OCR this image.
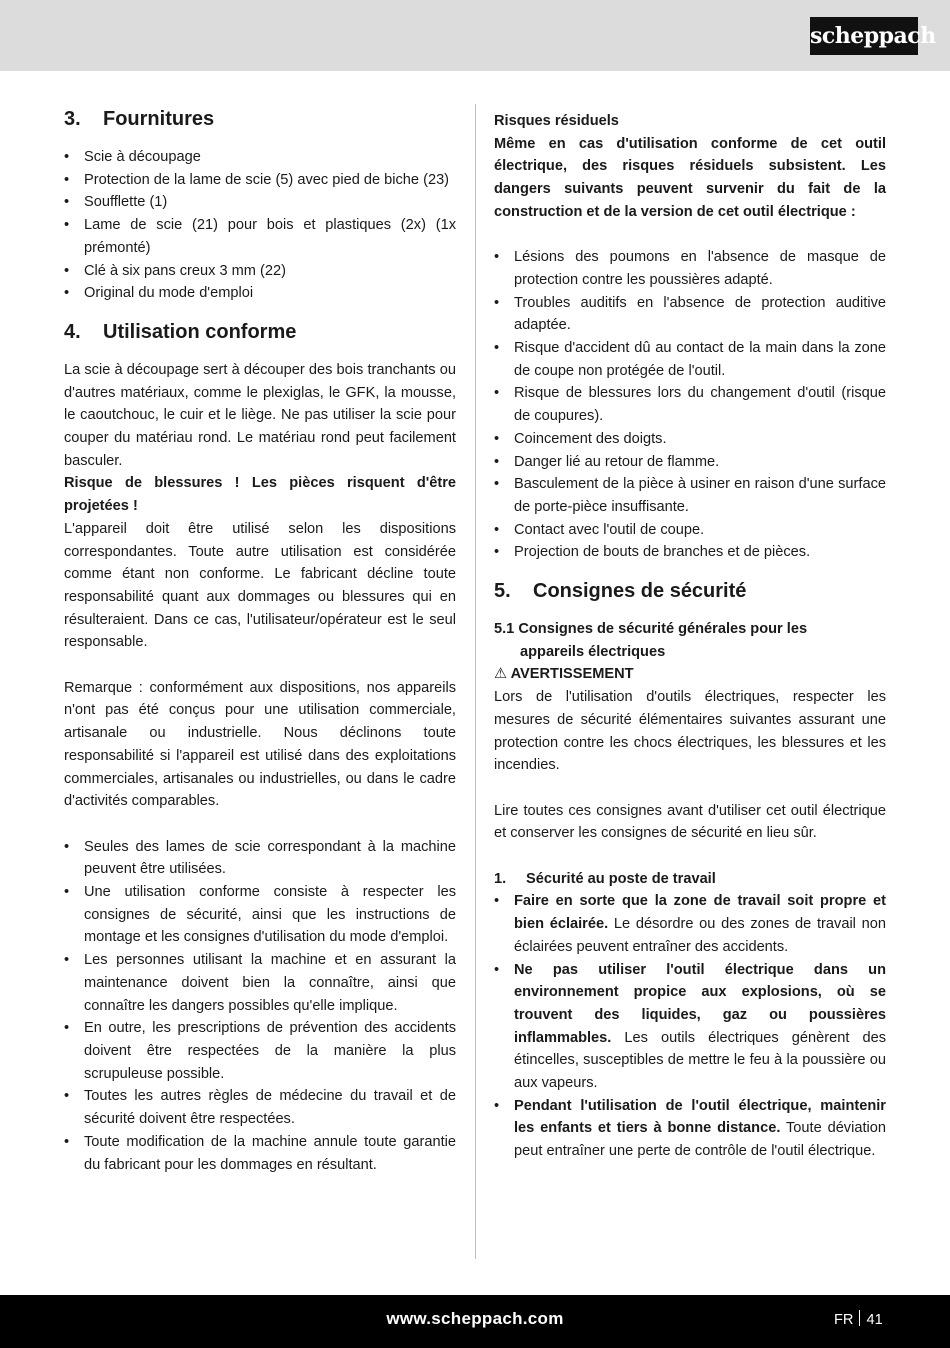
scheppach
3. Fournitures
• Scie à découpage
• Protection de la lame de scie (5) avec pied de biche (23)
• Soufflette (1)
• Lame de scie (21) pour bois et plastiques (2x) (1x prémonté)
• Clé à six pans creux 3 mm (22)
• Original du mode d'emploi
4. Utilisation conforme

La scie à découpage sert à découper des bois tranchants ou d'autres matériaux, comme le plexiglas, le GFK, la mousse, le caoutchouc, le cuir et le liège. Ne pas utiliser la scie pour couper du matériau rond. Le matériau rond peut facilement basculer.

Risque de blessures ! Les pièces risquent d'être projetées !

L'appareil doit être utilisé selon les dispositions correspondantes. Toute autre utilisation est considérée comme étant non conforme. Le fabricant décline toute responsabilité quant aux dommages ou blessures qui en résulteraient. Dans ce cas, l'utilisateur/opérateur est le seul responsable.

Remarque : conformément aux dispositions, nos appareils n'ont pas été conçus pour une utilisation commerciale, artisanale ou industrielle. Nous déclinons toute responsabilité si l'appareil est utilisé dans des exploitations commerciales, artisanales ou industrielles, ou dans le cadre d'activités comparables.

• Seules des lames de scie correspondant à la machine peuvent être utilisées.
• Une utilisation conforme consiste à respecter les consignes de sécurité, ainsi que les instructions de montage et les consignes d'utilisation du mode d'emploi.
• Les personnes utilisant la machine et en assurant la maintenance doivent bien la connaître, ainsi que connaître les dangers possibles qu'elle implique.
• En outre, les prescriptions de prévention des accidents doivent être respectées de la manière la plus scrupuleuse possible.
• Toutes les autres règles de médecine du travail et de sécurité doivent être respectées.
• Toute modification de la machine annule toute garantie du fabricant pour les dommages en résultant.

Risques résiduels

Même en cas d'utilisation conforme de cet outil électrique, des risques résiduels subsistent. Les dangers suivants peuvent survenir du fait de la construction et de la version de cet outil électrique :

• Lésions des poumons en l'absence de masque de protection contre les poussières adapté.
• Troubles auditifs en l'absence de protection auditive adaptée.
• Risque d'accident dû au contact de la main dans la zone de coupe non protégée de l'outil.
• Risque de blessures lors du changement d'outil (risque de coupures).
• Coincement des doigts.
• Danger lié au retour de flamme.
• Basculement de la pièce à usiner en raison d'une surface de porte-pièce insuffisante.
• Contact avec l'outil de coupe.
• Projection de bouts de branches et de pièces.
5. Consignes de sécurité

5.1 Consignes de sécurité générales pour les

appareils électriques

⚠ AVERTISSEMENT

Lors de l'utilisation d'outils électriques, respecter les mesures de sécurité élémentaires suivantes assurant une protection contre les chocs électriques, les blessures et les incendies.

Lire toutes ces consignes avant d'utiliser cet outil électrique et conserver les consignes de sécurité en lieu sûr.

1. Sécurité au poste de travail

• Faire en sorte que la zone de travail soit propre et bien éclairée. Le désordre ou des zones de travail non éclairées peuvent entraîner des accidents.
• Ne pas utiliser l'outil électrique dans un environnement propice aux explosions, où se trouvent des liquides, gaz ou poussières inflammables. Les outils électriques génèrent des étincelles, susceptibles de mettre le feu à la poussière ou aux vapeurs.
• Pendant l'utilisation de l'outil électrique, maintenir les enfants et tiers à bonne distance. Toute déviation peut entraîner une perte de contrôle de l'outil électrique.
www.scheppach.com	FR 41
